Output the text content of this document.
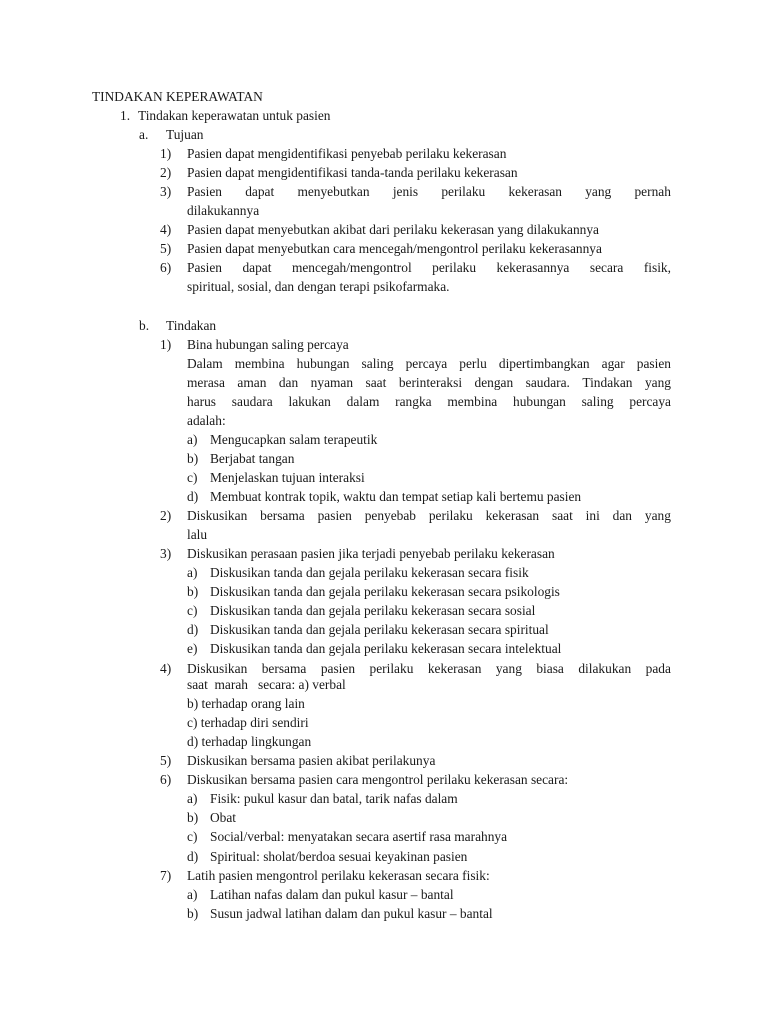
TINDAKAN KEPERAWATAN
1. Tindakan keperawatan untuk pasien
a. Tujuan
1) Pasien dapat mengidentifikasi penyebab perilaku kekerasan
2) Pasien dapat mengidentifikasi tanda-tanda perilaku kekerasan
3) Pasien dapat menyebutkan jenis perilaku kekerasan yang pernah
dilakukannya
4) Pasien dapat menyebutkan akibat dari perilaku kekerasan yang dilakukannya
5) Pasien dapat menyebutkan cara mencegah/mengontrol perilaku kekerasannya
6) Pasien dapat mencegah/mengontrol perilaku kekerasannya secara fisik,
spiritual, sosial, dan dengan terapi psikofarmaka.
b. Tindakan
1) Bina hubungan saling percaya
Dalam membina hubungan saling percaya perlu dipertimbangkan agar pasien
merasa aman dan nyaman saat berinteraksi dengan saudara. Tindakan yang
harus saudara lakukan dalam rangka membina hubungan saling percaya
adalah:
a) Mengucapkan salam terapeutik
b) Berjabat tangan
c) Menjelaskan tujuan interaksi
d) Membuat kontrak topik, waktu dan tempat setiap kali bertemu pasien
2) Diskusikan bersama pasien penyebab perilaku kekerasan saat ini dan yang
lalu
3) Diskusikan perasaan pasien jika terjadi penyebab perilaku kekerasan
a) Diskusikan tanda dan gejala perilaku kekerasan secara fisik
b) Diskusikan tanda dan gejala perilaku kekerasan secara psikologis
c) Diskusikan tanda dan gejala perilaku kekerasan secara sosial
d) Diskusikan tanda dan gejala perilaku kekerasan secara spiritual
e) Diskusikan tanda dan gejala perilaku kekerasan secara intelektual
4) Diskusikan bersama pasien perilaku kekerasan yang biasa dilakukan pada
saat  marah   secara: a) verbal
b) terhadap orang lain
c) terhadap diri sendiri
d) terhadap lingkungan
5) Diskusikan bersama pasien akibat perilakunya
6) Diskusikan bersama pasien cara mengontrol perilaku kekerasan secara:
a) Fisik: pukul kasur dan batal, tarik nafas dalam
b) Obat
c) Social/verbal: menyatakan secara asertif rasa marahnya
d) Spiritual: sholat/berdoa sesuai keyakinan pasien
7) Latih pasien mengontrol perilaku kekerasan secara fisik:
a) Latihan nafas dalam dan pukul kasur – bantal
b) Susun jadwal latihan dalam dan pukul kasur – bantal
